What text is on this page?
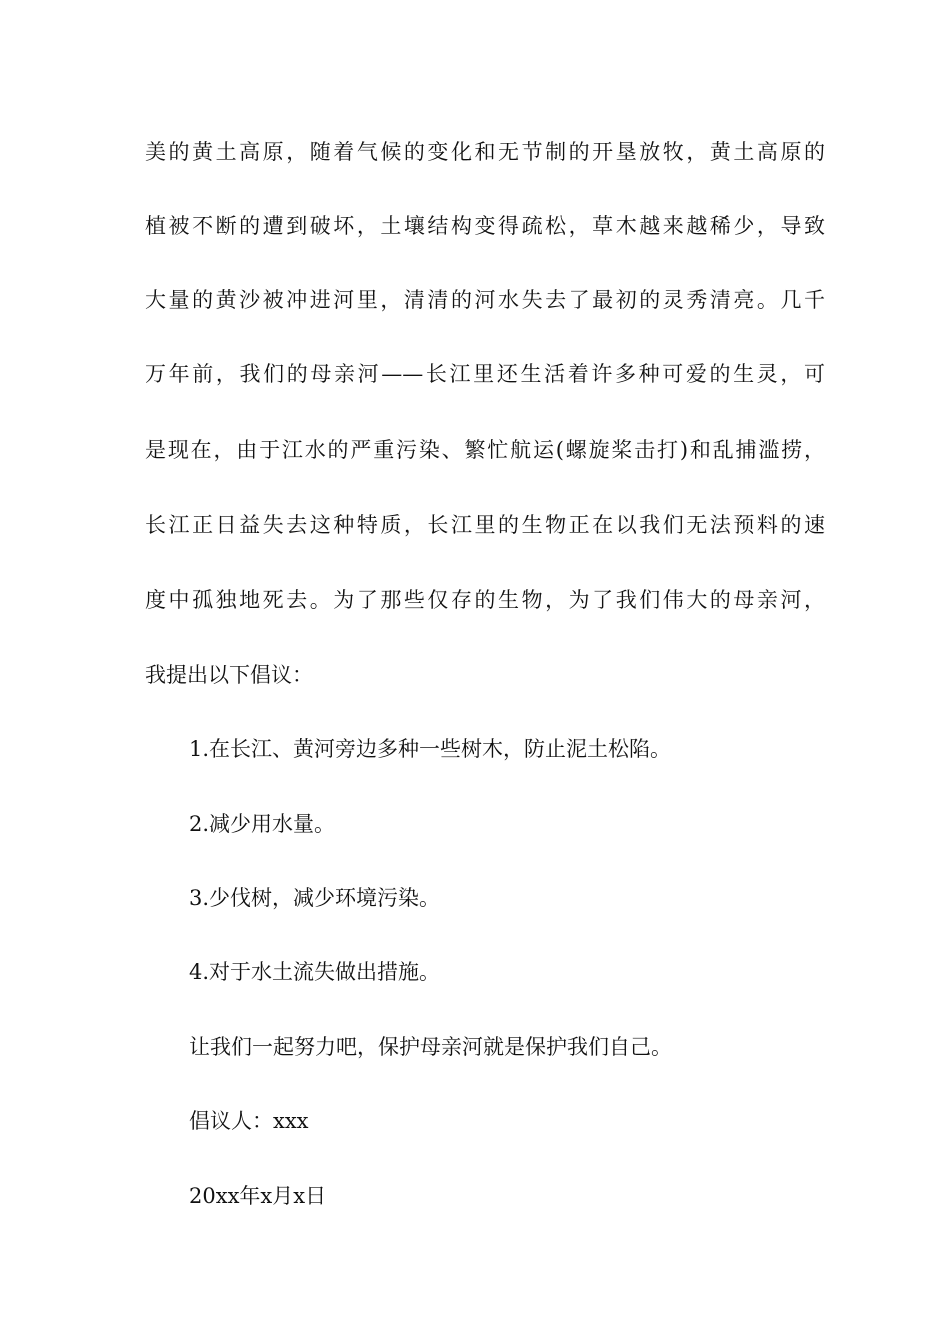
美的黄土高原，随着气候的变化和无节制的开垦放牧，黄土高原的
植被不断的遭到破坏，土壤结构变得疏松，草木越来越稀少，导致
大量的黄沙被冲进河里，清清的河水失去了最初的灵秀清亮。几千
万年前，我们的母亲河——长江里还生活着许多种可爱的生灵，可
是现在，由于江水的严重污染、繁忙航运(螺旋桨击打)和乱捕滥捞，
长江正日益失去这种特质，长江里的生物正在以我们无法预料的速
度中孤独地死去。为了那些仅存的生物，为了我们伟大的母亲河，
我提出以下倡议：
1.在长江、黄河旁边多种一些树木，防止泥土松陷。
2.减少用水量。
3.少伐树，减少环境污染。
4.对于水土流失做出措施。
让我们一起努力吧，保护母亲河就是保护我们自己。
倡议人：xxx
20xx年x月x日
